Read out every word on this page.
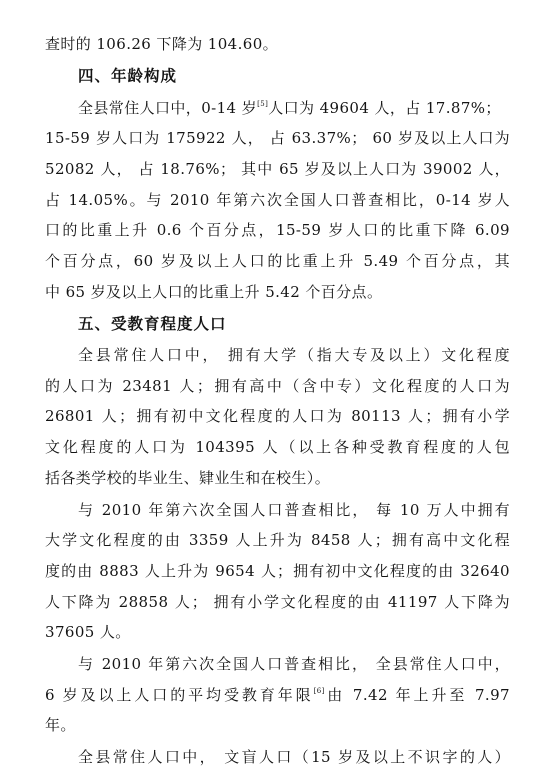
查时的 106.26 下降为 104.60。
四、年龄构成
全县常住人口中，0-14 岁[5]人口为 49604 人，占 17.87%；
15-59 岁人口为 175922 人， 占 63.37%； 60 岁及以上人口为
52082 人， 占 18.76%； 其中 65 岁及以上人口为 39002 人，
占 14.05%。与 2010 年第六次全国人口普查相比，0-14 岁人
口的比重上升 0.6 个百分点，15-59 岁人口的比重下降 6.09
个百分点，60 岁及以上人口的比重上升 5.49 个百分点，其
中 65 岁及以上人口的比重上升 5.42 个百分点。
五、受教育程度人口
全县常住人口中， 拥有大学（指大专及以上）文化程度
的人口为 23481 人；拥有高中（含中专）文化程度的人口为
26801 人；拥有初中文化程度的人口为 80113 人；拥有小学
文化程度的人口为 104395 人（以上各种受教育程度的人包
括各类学校的毕业生、肄业生和在校生）。
与 2010 年第六次全国人口普查相比， 每 10 万人中拥有
大学文化程度的由 3359 人上升为 8458 人；拥有高中文化程
度的由 8883 人上升为 9654 人；拥有初中文化程度的由 32640
人下降为 28858 人； 拥有小学文化程度的由 41197 人下降为
37605 人。
与 2010 年第六次全国人口普查相比， 全县常住人口中，
6 岁及以上人口的平均受教育年限[6]由 7.42 年上升至 7.97
年。
全县常住人口中， 文盲人口（15 岁及以上不识字的人）
